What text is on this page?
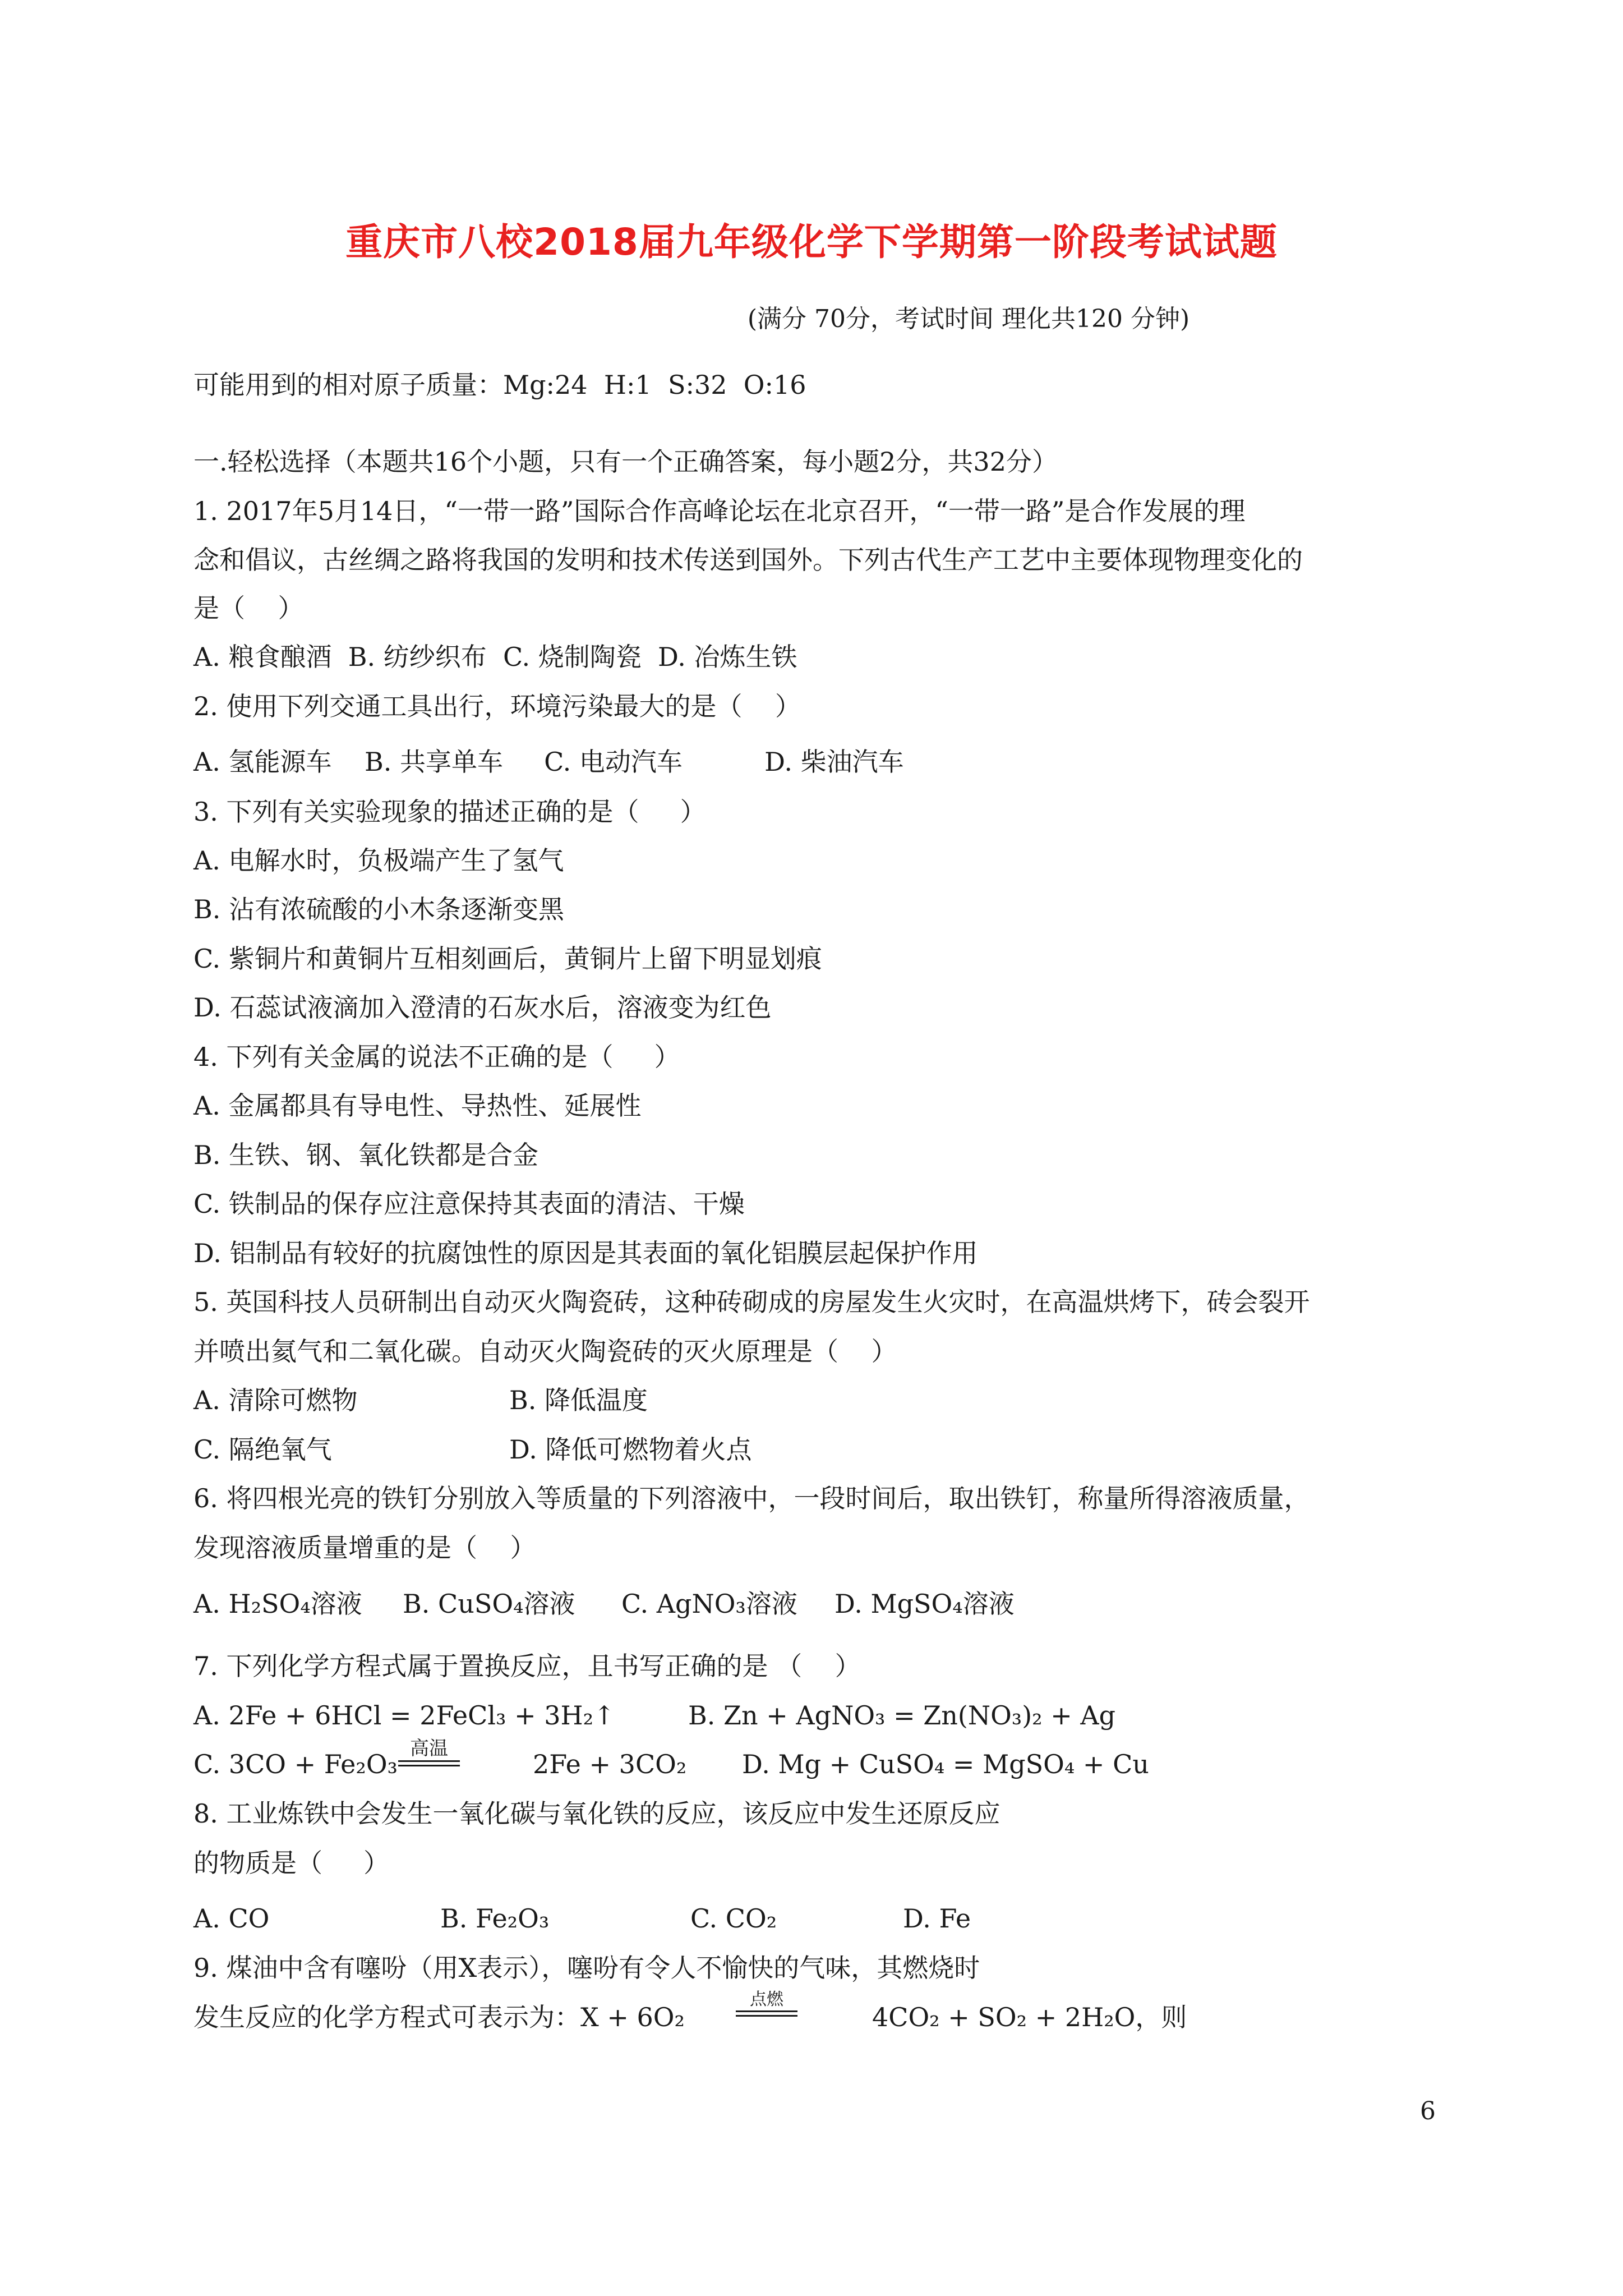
重庆市八校2018届九年级化学下学期第一阶段考试试题
(满分 70分，考试时间 理化共120 分钟)
可能用到的相对原子质量：Mg:24  H:1  S:32  O:16
一.轻松选择（本题共16个小题，只有一个正确答案，每小题2分，共32分）
1. 2017年5月14日，“一带一路”国际合作高峰论坛在北京召开，“一带一路”是合作发展的理
念和倡议，古丝绸之路将我国的发明和技术传送到国外。下列古代生产工艺中主要体现物理变化的
是（    ）
A. 粮食酿酒  B. 纺纱织布  C. 烧制陶瓷  D. 冶炼生铁
2. 使用下列交通工具出行，环境污染最大的是（    ）
A. 氢能源车    B. 共享单车     C. 电动汽车          D. 柴油汽车
3. 下列有关实验现象的描述正确的是（     ）
A. 电解水时，负极端产生了氢气
B. 沾有浓硫酸的小木条逐渐变黑
C. 紫铜片和黄铜片互相刻画后，黄铜片上留下明显划痕
D. 石蕊试液滴加入澄清的石灰水后，溶液变为红色
4. 下列有关金属的说法不正确的是（     ）
A. 金属都具有导电性、导热性、延展性
B. 生铁、钢、氧化铁都是合金
C. 铁制品的保存应注意保持其表面的清洁、干燥
D. 铝制品有较好的抗腐蚀性的原因是其表面的氧化铝膜层起保护作用
5. 英国科技人员研制出自动灭火陶瓷砖，这种砖砌成的房屋发生火灾时，在高温烘烤下，砖会裂开
并喷出氦气和二氧化碳。自动灭火陶瓷砖的灭火原理是（    ）
A. 清除可燃物	B. 降低温度
C. 隔绝氧气	D. 降低可燃物着火点
6. 将四根光亮的铁钉分别放入等质量的下列溶液中，一段时间后，取出铁钉，称量所得溶液质量，
发现溶液质量增重的是（    ）
A. H₂SO₄溶液 B. CuSO₄溶液 C. AgNO₃溶液 D. MgSO₄溶液
7. 下列化学方程式属于置换反应，且书写正确的是 （    ）
A. 2Fe + 6HCl = 2FeCl₃ + 3H₂↑	B. Zn + AgNO₃ = Zn(NO₃)₂ + Ag
C. 3CO + Fe₂O₃
高温
2Fe + 3CO₂ D. Mg + CuSO₄ = MgSO₄ + Cu
8. 工业炼铁中会发生一氧化碳与氧化铁的反应，该反应中发生还原反应
的物质是（     ）
A. CO	B. Fe₂O₃	C. CO₂	D. Fe
9. 煤油中含有噻吩（用X表示），噻吩有令人不愉快的气味，其燃烧时
发生反应的化学方程式可表示为：X + 6O₂
点燃
4CO₂ + SO₂ + 2H₂O，则
6
